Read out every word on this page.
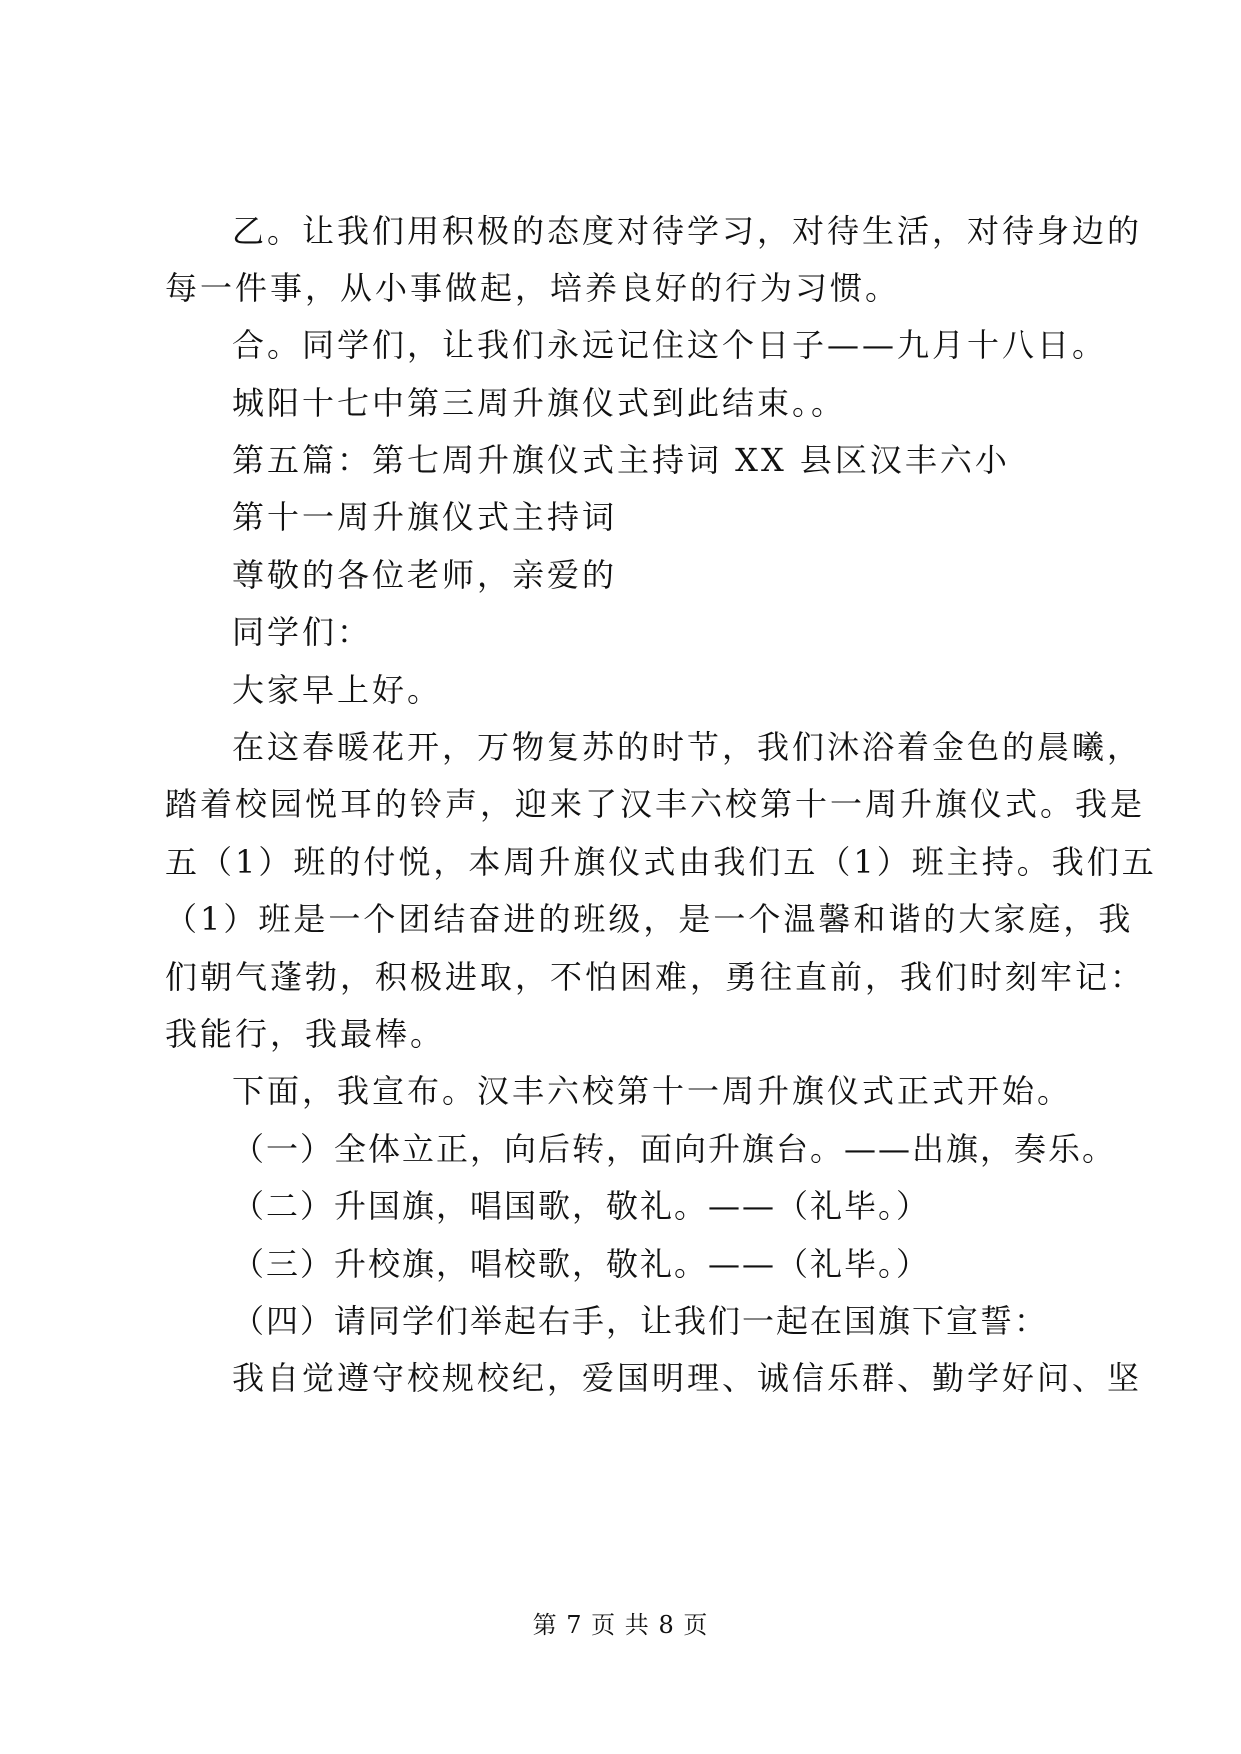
乙。让我们用积极的态度对待学习，对待生活，对待身边的
每一件事，从小事做起，培养良好的行为习惯。
合。同学们，让我们永远记住这个日子——九月十八日。
城阳十七中第三周升旗仪式到此结束。。
第五篇：第七周升旗仪式主持词 XX 县区汉丰六小
第十一周升旗仪式主持词
尊敬的各位老师，亲爱的
同学们：
大家早上好。
在这春暖花开，万物复苏的时节，我们沐浴着金色的晨曦，
踏着校园悦耳的铃声，迎来了汉丰六校第十一周升旗仪式。我是
五（1）班的付悦，本周升旗仪式由我们五（1）班主持。我们五
（1）班是一个团结奋进的班级，是一个温馨和谐的大家庭，我
们朝气蓬勃，积极进取，不怕困难，勇往直前，我们时刻牢记：
我能行，我最棒。
下面，我宣布。汉丰六校第十一周升旗仪式正式开始。
（一）全体立正，向后转，面向升旗台。——出旗，奏乐。
（二）升国旗，唱国歌，敬礼。——（礼毕。）
（三）升校旗，唱校歌，敬礼。——（礼毕。）
（四）请同学们举起右手，让我们一起在国旗下宣誓：
我自觉遵守校规校纪，爱国明理、诚信乐群、勤学好问、坚
第 7 页 共 8 页
